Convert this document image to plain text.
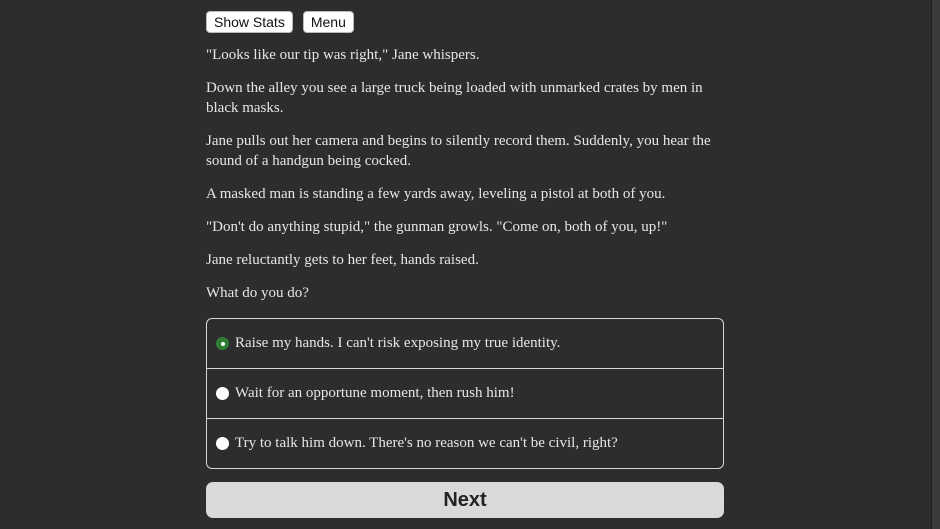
Show Stats	Menu

"Looks like our tip was right," Jane whispers.

Down the alley you see a large truck being loaded with unmarked crates by men in black masks.

Jane pulls out her camera and begins to silently record them. Suddenly, you hear the sound of a handgun being cocked.

A masked man is standing a few yards away, leveling a pistol at both of you.

"Don't do anything stupid," the gunman growls. "Come on, both of you, up!"

Jane reluctantly gets to her feet, hands raised.

What do you do?

Raise my hands. I can't risk exposing my true identity.
Wait for an opportune moment, then rush him!
Try to talk him down. There's no reason we can't be civil, right?
Next
